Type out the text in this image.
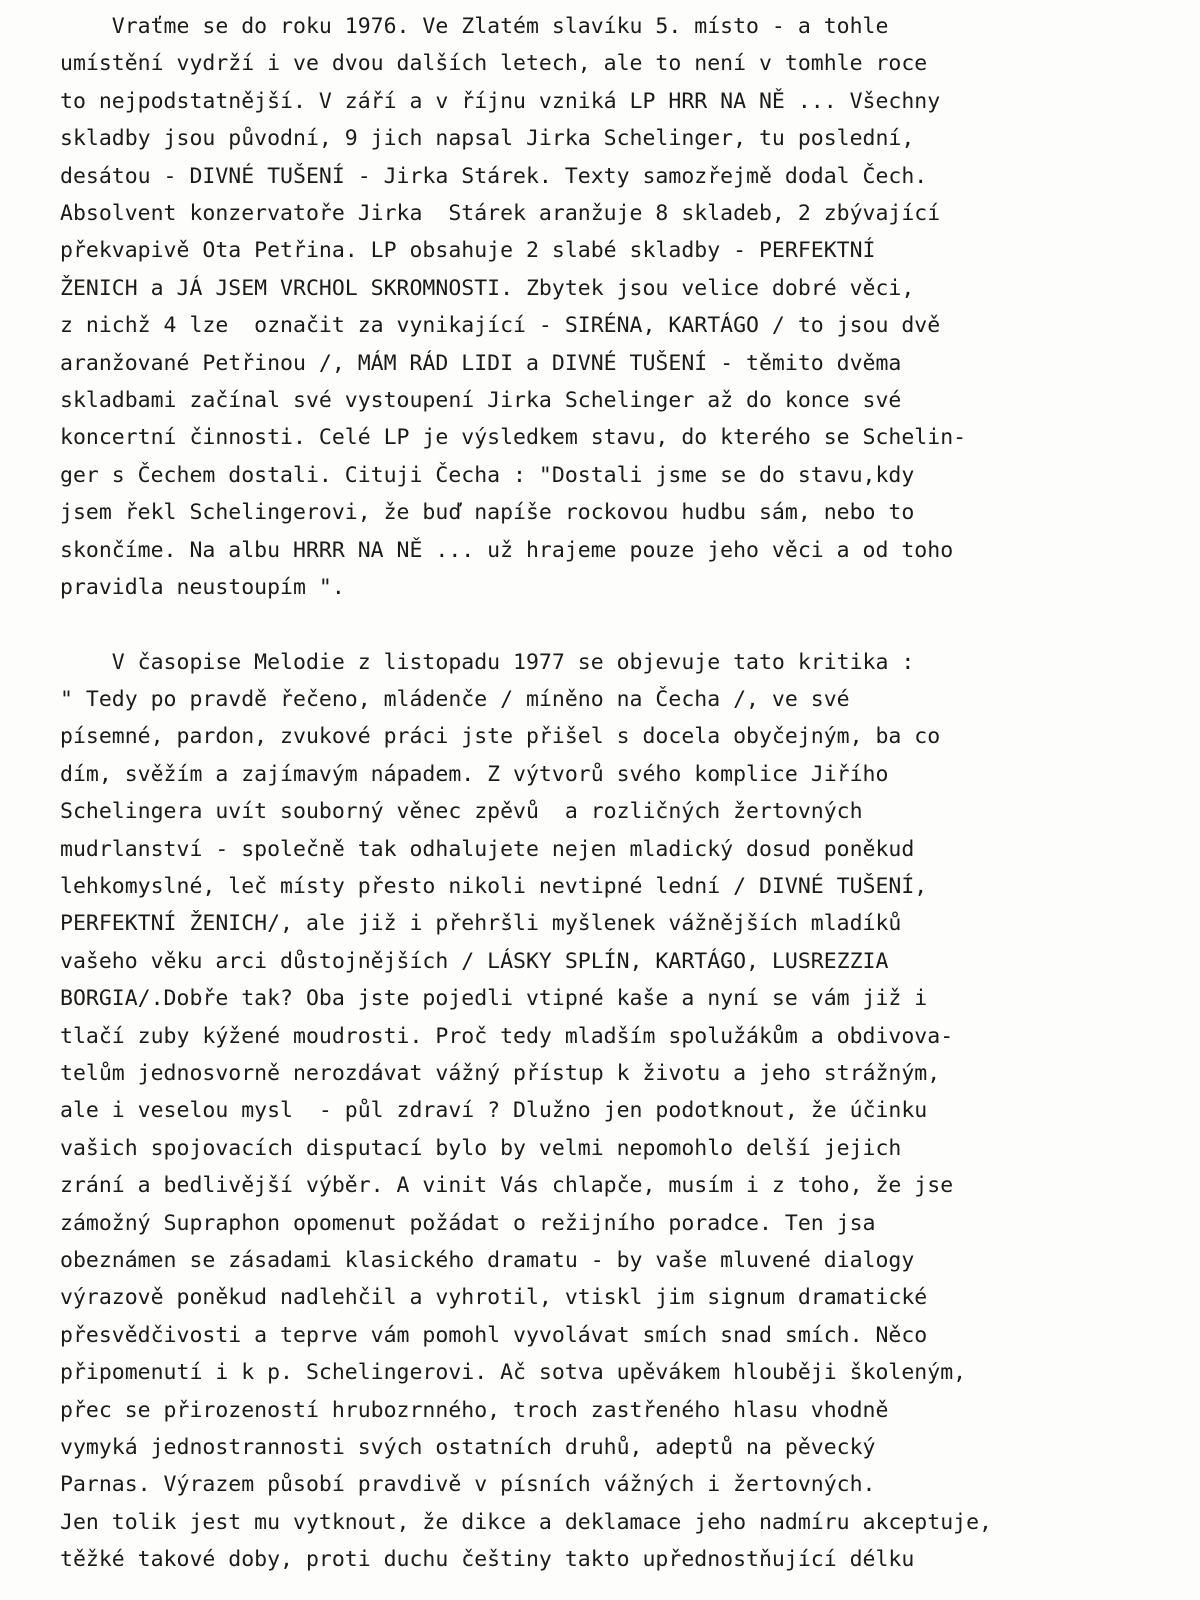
Vraťme se do roku 1976. Ve Zlatém slavíku 5. místo - a tohle
umístění vydrží i ve dvou dalších letech, ale to není v tomhle roce
to nejpodstatnější. V září a v říjnu vzniká LP HRR NA NĚ ... Všechny
skladby jsou původní, 9 jich napsal Jirka Schelinger, tu poslední,
desátou - DIVNÉ TUŠENÍ - Jirka Stárek. Texty samozřejmě dodal Čech.
Absolvent konzervatoře Jirka  Stárek aranžuje 8 skladeb, 2 zbývající
překvapivě Ota Petřina. LP obsahuje 2 slabé skladby - PERFEKTNÍ
ŽENICH a JÁ JSEM VRCHOL SKROMNOSTI. Zbytek jsou velice dobré věci,
z nichž 4 lze  označit za vynikající - SIRÉNA, KARTÁGO / to jsou dvě
aranžované Petřinou /, MÁM RÁD LIDI a DIVNÉ TUŠENÍ - těmito dvěma
skladbami začínal své vystoupení Jirka Schelinger až do konce své
koncertní činnosti. Celé LP je výsledkem stavu, do kterého se Schelin-
ger s Čechem dostali. Cituji Čecha : "Dostali jsme se do stavu,kdy
jsem řekl Schelingerovi, že buď napíše rockovou hudbu sám, nebo to
skončíme. Na albu HRRR NA NĚ ... už hrajeme pouze jeho věci a od toho
pravidla neustoupím ".
V časopise Melodie z listopadu 1977 se objevuje tato kritika :
" Tedy po pravdě řečeno, mládenče / míněno na Čecha /, ve své
písemné, pardon, zvukové práci jste přišel s docela obyčejným, ba co
dím, svěžím a zajímavým nápadem. Z výtvorů svého komplice Jiřího
Schelingera uvít souborný věnec zpěvů  a rozličných žertovných
mudrlanství - společně tak odhalujete nejen mladický dosud poněkud
lehkomyslné, leč místy přesto nikoli nevtipné lední / DIVNÉ TUŠENÍ,
PERFEKTNÍ ŽENICH/, ale již i přehršli myšlenek vážnějších mladíků
vašeho věku arci důstojnějších / LÁSKY SPLÍN, KARTÁGO, LUSREZZIA
BORGIA/.Dobře tak? Oba jste pojedli vtipné kaše a nyní se vám již i
tlačí zuby kýžené moudrosti. Proč tedy mladším spolužákům a obdivova-
telům jednosvorně nerozdávat vážný přístup k životu a jeho strážným,
ale i veselou mysl  - půl zdraví ? Dlužno jen podotknout, že účinku
vašich spojovacích disputací bylo by velmi nepomohlo delší jejich
zrání a bedlivější výběr. A vinit Vás chlapče, musím i z toho, že jse
zámožný Supraphon opomenut požádat o režijního poradce. Ten jsa
obeznámen se zásadami klasického dramatu - by vaše mluvené dialogy
výrazově poněkud nadlehčil a vyhrotil, vtiskl jim signum dramatické
přesvědčivosti a teprve vám pomohl vyvolávat smích snad smích. Něco
připomenutí i k p. Schelingerovi. Ač sotva upěvákem hlouběji školeným,
přec se přirozeností hrubozrnného, troch zastřeného hlasu vhodně
vymyká jednostrannosti svých ostatních druhů, adeptů na pěvecký
Parnas. Výrazem působí pravdivě v písních vážných i žertovných.
Jen tolik jest mu vytknout, že dikce a deklamace jeho nadmíru akceptuje,
těžké takové doby, proti duchu češtiny takto upřednostňující délku
